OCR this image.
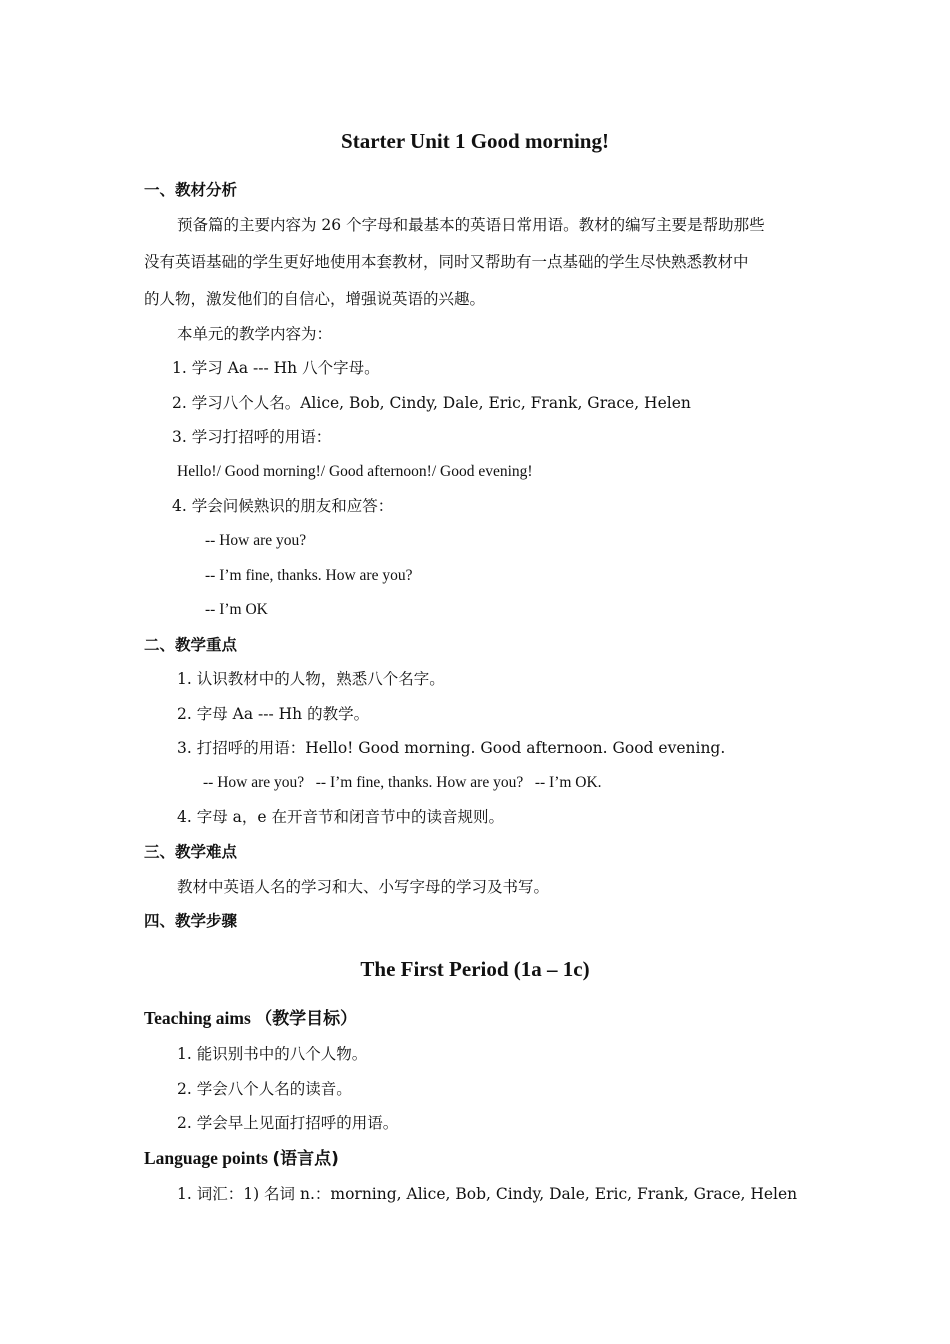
Starter Unit 1 Good morning!
一、教材分析
预备篇的主要内容为 26 个字母和最基本的英语日常用语。教材的编写主要是帮助那些
没有英语基础的学生更好地使用本套教材，同时又帮助有一点基础的学生尽快熟悉教材中
的人物，激发他们的自信心，增强说英语的兴趣。
本单元的教学内容为：
1. 学习 Aa --- Hh 八个字母。
2. 学习八个人名。Alice, Bob, Cindy, Dale, Eric, Frank, Grace, Helen
3. 学习打招呼的用语：
Hello!/ Good morning!/ Good afternoon!/ Good evening!
4. 学会问候熟识的朋友和应答：
-- How are you?
-- I’m fine, thanks. How are you?
-- I’m OK
二、教学重点
1. 认识教材中的人物，熟悉八个名字。
2. 字母 Aa --- Hh 的教学。
3. 打招呼的用语：Hello! Good morning. Good afternoon. Good evening.
-- How are you?   -- I’m fine, thanks. How are you?   -- I’m OK.
4. 字母 a，e 在开音节和闭音节中的读音规则。
三、教学难点
教材中英语人名的学习和大、小写字母的学习及书写。
四、教学步骤
The First Period (1a – 1c)
Teaching aims （教学目标）
1. 能识别书中的八个人物。
2. 学会八个人名的读音。
2. 学会早上见面打招呼的用语。
Language points (语言点)
1. 词汇：1) 名词 n.：morning, Alice, Bob, Cindy, Dale, Eric, Frank, Grace, Helen
